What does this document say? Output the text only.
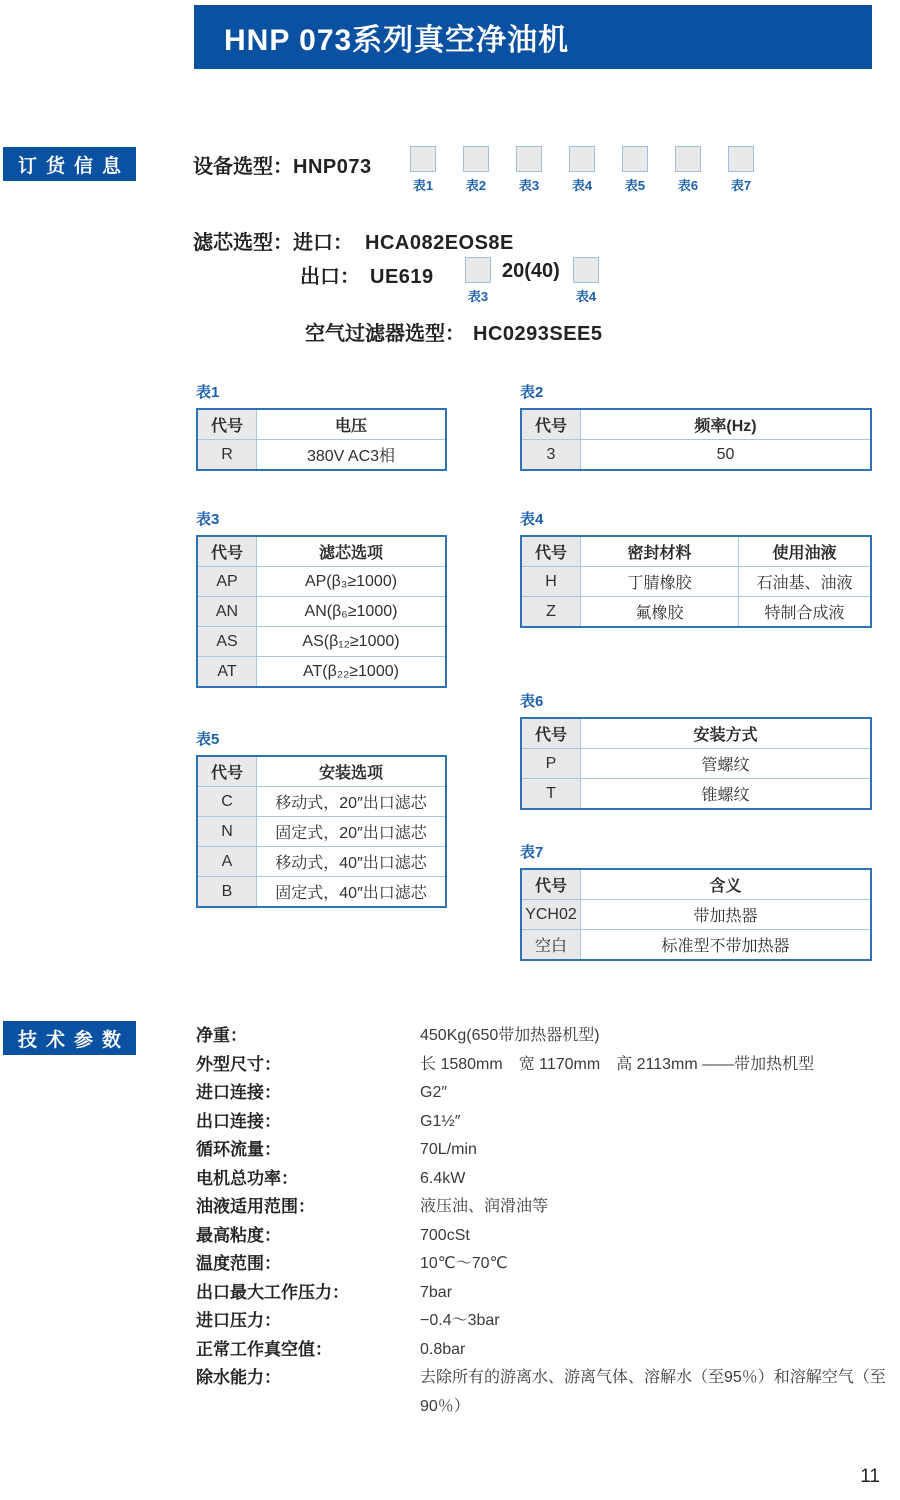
HNP 073系列真空净油机
订货信息	设备选型：HNP073
表1	表2	表3	表4	表5	表6	表7
滤芯选型：进口： HCA082EOS8E
出口： UE619
表3
20(40)
表4
空气过滤器选型： HC0293SEE5
表1
代号	电压
R	380V AC3相
表2
代号	频率(Hz)
3	50
表3
代号	滤芯选项
AP	AP(β₃≥1000)
AN	AN(β₆≥1000)
AS	AS(β₁₂≥1000)
AT	AT(β₂₂≥1000)
表4
代号	密封材料	使用油液
H	丁腈橡胶	石油基、油液
Z	氟橡胶	特制合成液
表5
代号	安装选项
C	移动式，20″出口滤芯
N	固定式，20″出口滤芯
A	移动式，40″出口滤芯
B	固定式，40″出口滤芯
表6
代号	安装方式
P	管螺纹
T	锥螺纹
表7
代号	含义
YCH02	带加热器
空白	标准型不带加热器
技术参数	净重：	450Kg(650带加热器机型)
外型尺寸：	长 1580mm　宽 1170mm　高 2113mm ——带加热机型
进口连接：	G2″
出口连接：	G1½″
循环流量：	70L/min
电机总功率：	6.4kW
油液适用范围：	液压油、润滑油等
最高粘度：	700cSt
温度范围：	10℃～70℃
出口最大工作压力：	7bar
进口压力：	−0.4～3bar
正常工作真空值：	0.8bar
除水能力：	去除所有的游离水、游离气体、溶解水（至95％）和溶解空气（至90％）
11
